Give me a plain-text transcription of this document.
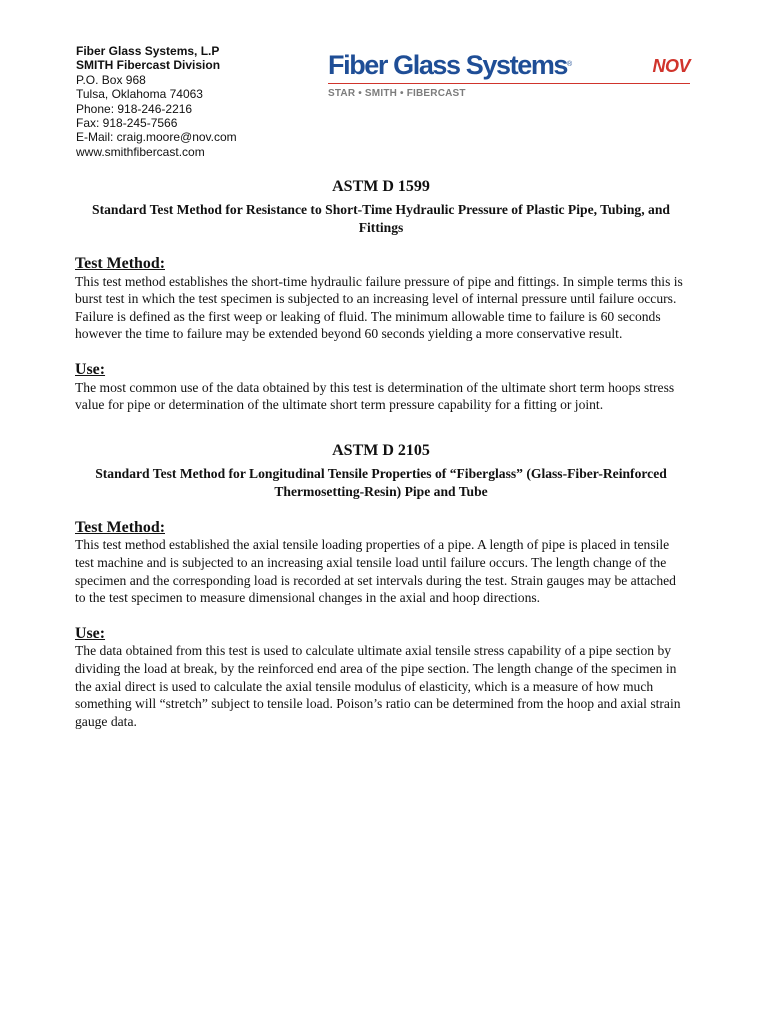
Fiber Glass Systems, L.P
SMITH Fibercast Division
P.O. Box 968
Tulsa, Oklahoma 74063
Phone: 918-246-2216
Fax: 918-245-7566
E-Mail: craig.moore@nov.com
www.smithfibercast.com
Fiber Glass Systems®	NOV
STAR • SMITH • FIBERCAST
ASTM D 1599
Standard Test Method for Resistance to Short-Time Hydraulic Pressure of Plastic Pipe, Tubing, and Fittings
Test Method:

This test method establishes the short-time hydraulic failure pressure of pipe and fittings. In simple terms this is burst test in which the test specimen is subjected to an increasing level of internal pressure until failure occurs. Failure is defined as the first weep or leaking of fluid. The minimum allowable time to failure is 60 seconds however the time to failure may be extended beyond 60 seconds yielding a more conservative result.

Use:

The most common use of the data obtained by this test is determination of the ultimate short term hoops stress value for pipe or determination of the ultimate short term pressure capability for a fitting or joint.

ASTM D 2105
Standard Test Method for Longitudinal Tensile Properties of “Fiberglass” (Glass-Fiber-Reinforced Thermosetting-Resin) Pipe and Tube
Test Method:

This test method established the axial tensile loading properties of a pipe. A length of pipe is placed in tensile test machine and is subjected to an increasing axial tensile load until failure occurs. The length change of the specimen and the corresponding load is recorded at set intervals during the test. Strain gauges may be attached to the test specimen to measure dimensional changes in the axial and hoop directions.

Use:

The data obtained from this test is used to calculate ultimate axial tensile stress capability of a pipe section by dividing the load at break, by the reinforced end area of the pipe section. The length change of the specimen in the axial direct is used to calculate the axial tensile modulus of elasticity, which is a measure of how much something will “stretch” subject to tensile load. Poison’s ratio can be determined from the hoop and axial strain gauge data.
